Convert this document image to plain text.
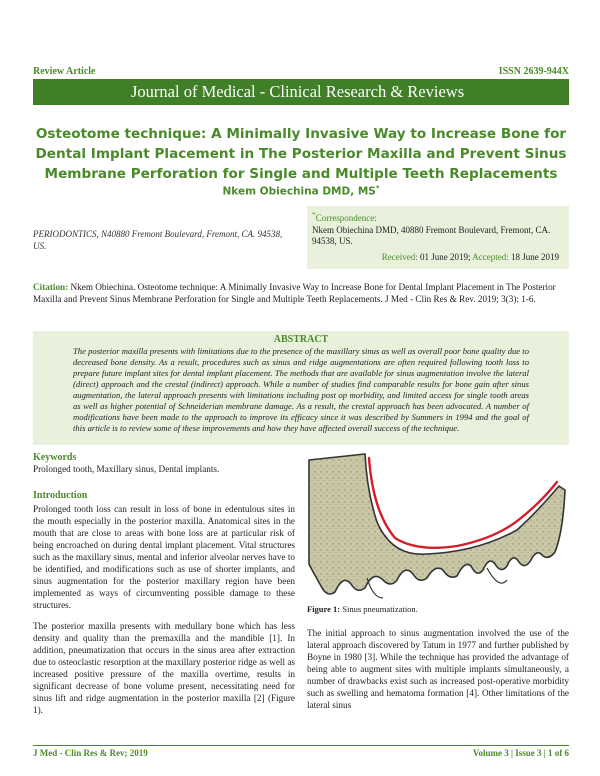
Review Article	ISSN 2639-944X
Journal of Medical - Clinical Research & Reviews
Osteotome technique: A Minimally Invasive Way to Increase Bone for Dental Implant Placement in The Posterior Maxilla and Prevent Sinus Membrane Perforation for Single and Multiple Teeth Replacements
Nkem Obiechina DMD, MS*
PERIODONTICS, N40880 Fremont Boulevard, Fremont, CA. 94538, US.
*Correspondence:
Nkem Obiechina DMD, 40880 Fremont Boulevard, Fremont, CA. 94538, US.
Received: 01 June 2019; Accepted: 18 June 2019
Citation: Nkem Obiechina. Osteotome technique: A Minimally Invasive Way to Increase Bone for Dental Implant Placement in The Posterior Maxilla and Prevent Sinus Membrane Perforation for Single and Multiple Teeth Replacements. J Med - Clin Res & Rev. 2019; 3(3): 1-6.
ABSTRACT
The posterior maxilla presents with limitations due to the presence of the maxillary sinus as well as overall poor bone quality due to decreased bone density. As a result, procedures such as sinus and ridge augmentations are often required following tooth loss to prepare future implant sites for dental implant placement. The methods that are available for sinus augmentation involve the lateral (direct) approach and the crestal (indirect) approach. While a number of studies find comparable results for bone gain after sinus augmentation, the lateral approach presents with limitations including post op morbidity, and limited access for single tooth areas as well as higher potential of Schneiderian membrane damage. As a result, the crestal approach has been advocated. A number of modifications have been made to the approach to improve its efficacy since it was described by Summers in 1994 and the goal of this article is to review some of these improvements and how they have affected overall success of the technique.
Keywords
Prolonged tooth, Maxillary sinus, Dental implants.
Introduction
Prolonged tooth loss can result in loss of bone in edentulous sites in the mouth especially in the posterior maxilla. Anatomical sites in the mouth that are close to areas with bone loss are at particular risk of being encroached on during dental implant placement. Vital structures such as the maxillary sinus, mental and inferior alveolar nerves have to be identified, and modifications such as use of shorter implants, and sinus augmentation for the posterior maxillary region have been implemented as ways of circumventing possible damage to these structures.
The posterior maxilla presents with medullary bone which has less density and quality than the premaxilla and the mandible [1]. In addition, pneumatization that occurs in the sinus area after extraction due to osteoclastic resorption at the maxillary posterior ridge as well as increased positive pressure of the maxilla overtime, results in significant decrease of bone volume present, necessitating need for sinus lift and ridge augmentation in the posterior maxilla [2] (Figure 1).
Figure 1: Sinus pneumatization.
The initial approach to sinus augmentation involved the use of the lateral approach discovered by Tatum in 1977 and further published by Boyne in 1980 [3]. While the technique has provided the advantage of being able to augment sites with multiple implants simultaneously, a number of drawbacks exist such as increased post-operative morbidity such as swelling and hematoma formation [4]. Other limitations of the lateral sinus
J Med - Clin Res & Rev; 2019	Volume 3 | Issue 3 | 1 of 6
